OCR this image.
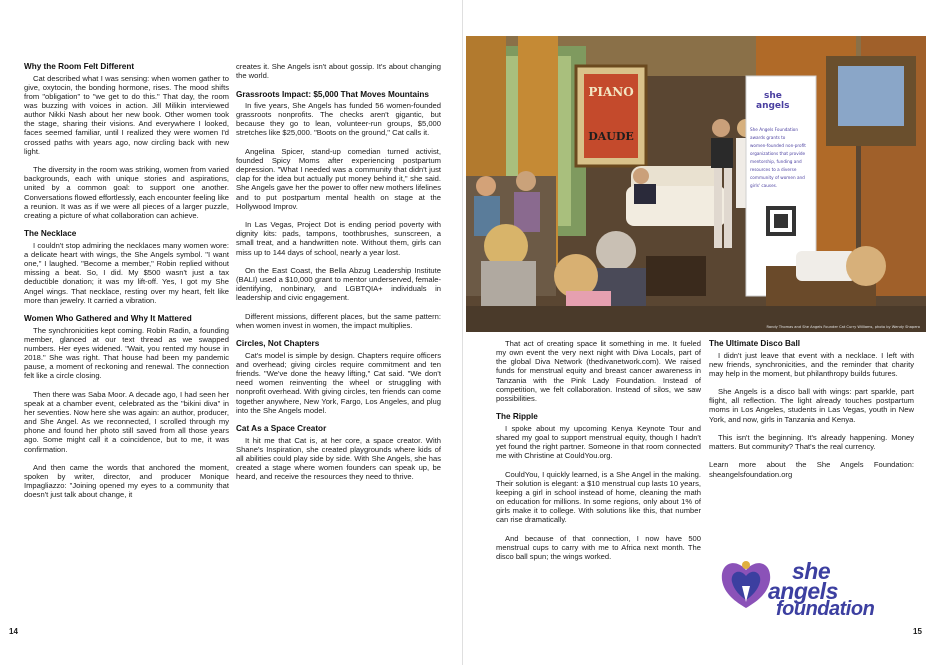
Why the Room Felt Different

Cat described what I was sensing: when women gather to give, oxytocin, the bonding hormone, rises. The mood shifts from "obligation" to "we get to do this." That day, the room was buzzing with voices in action. Jill Milikin interviewed author Nikki Nash about her new book. Other women took the stage, sharing their visions. And everywhere I looked, faces seemed familiar, until I realized they were women I'd crossed paths with years ago, now circling back with new light.

The diversity in the room was striking, women from varied backgrounds, each with unique stories and aspirations, united by a common goal: to support one another. Conversations flowed effortlessly, each encounter feeling like a reunion. It was as if we were all pieces of a larger puzzle, creating a picture of what collaboration can achieve.

The Necklace

I couldn't stop admiring the necklaces many women wore: a delicate heart with wings, the She Angels symbol. "I want one," I laughed. "Become a member," Robin replied without missing a beat. So, I did. My $500 wasn't just a tax deductible donation; it was my lift-off. Yes, I got my She Angel wings. That necklace, resting over my heart, felt like more than jewelry. It carried a vibration.

Women Who Gathered and Why It Mattered

The synchronicities kept coming. Robin Radin, a founding member, glanced at our text thread as we swapped numbers. Her eyes widened. "Wait, you rented my house in 2018." She was right. That house had been my pandemic pause, a moment of reckoning and renewal. The connection felt like a circle closing.

Then there was Saba Moor. A decade ago, I had seen her speak at a chamber event, celebrated as the "bikini diva" in her seventies. Now here she was again: an author, producer, and She Angel. As we reconnected, I scrolled through my phone and found her photo still saved from all those years ago. Some might call it a coincidence, but to me, it was confirmation.

And then came the words that anchored the moment, spoken by writer, director, and producer Monique Impagliazzo: "Joining opened my eyes to a community that doesn't just talk about change, it

creates it. She Angels isn't about gossip. It's about changing the world.

Grassroots Impact: $5,000 That Moves Mountains

In five years, She Angels has funded 56 women-founded grassroots nonprofits. The checks aren't gigantic, but because they go to lean, volunteer-run groups, $5,000 stretches like $25,000. "Boots on the ground," Cat calls it.

Angelina Spicer, stand-up comedian turned activist, founded Spicy Moms after experiencing postpartum depression. "What I needed was a community that didn't just clap for the idea but actually put money behind it," she said. She Angels gave her the power to offer new mothers lifelines and to put postpartum mental health on stage at the Hollywood Improv.

In Las Vegas, Project Dot is ending period poverty with dignity kits: pads, tampons, toothbrushes, sunscreen, a small treat, and a handwritten note. Without them, girls can miss up to 144 days of school, nearly a year lost.

On the East Coast, the Bella Abzug Leadership Institute (BALI) used a $10,000 grant to mentor underserved, female-identifying, nonbinary, and LGBTQIA+ individuals in leadership and civic engagement.

Different missions, different places, but the same pattern: when women invest in women, the impact multiplies.

Circles, Not Chapters

Cat's model is simple by design. Chapters require officers and overhead; giving circles require commitment and ten friends. "We've done the heavy lifting," Cat said. "We don't need women reinventing the wheel or struggling with nonprofit overhead. With giving circles, ten friends can come together anywhere, New York, Fargo, Los Angeles, and plug into the She Angels model.

Cat As a Space Creator

It hit me that Cat is, at her core, a space creator. With Shane's Inspiration, she created playgrounds where kids of all abilities could play side by side. With She Angels, she has created a stage where women founders can speak up, be heard, and receive the resources they need to thrive.

14	15
PIANO
DAUDE
she
angels
She Angels Foundation
awards grants to
women-founded non-profit
organizations that provide
mentorship, funding and
resources to a diverse
community of women and
girls' causes.
Randy Thomas and She Angels Founder Cat Curry Williams, photo by Wendy Shapero

That act of creating space lit something in me. It fueled my own event the very next night with Diva Locals, part of the global Diva Network (thedivanetwork.com). We raised funds for menstrual equity and breast cancer awareness in Tanzania with the Pink Lady Foundation. Instead of competition, we felt collaboration. Instead of silos, we saw possibilities.

The Ripple

I spoke about my upcoming Kenya Keynote Tour and shared my goal to support menstrual equity, though I hadn't yet found the right partner. Someone in that room connected me with Christine at CouldYou.org.

CouldYou, I quickly learned, is a She Angel in the making. Their solution is elegant: a $10 menstrual cup lasts 10 years, keeping a girl in school instead of home, cleaning the math on education for millions. In some regions, only about 1% of girls make it to college. With solutions like this, that number can rise dramatically.

And because of that connection, I now have 500 menstrual cups to carry with me to Africa next month. The disco ball spun; the wings worked.

The Ultimate Disco Ball

I didn't just leave that event with a necklace. I left with new friends, synchronicities, and the reminder that charity may help in the moment, but philanthropy builds futures.

She Angels is a disco ball with wings: part sparkle, part flight, all reflection. The light already touches postpartum moms in Los Angeles, students in Las Vegas, youth in New York, and now, girls in Tanzania and Kenya.

This isn't the beginning. It's already happening. Money matters. But community? That's the real currency.

Learn more about the She Angels Foundation: sheangelsfoundation.org

she
angels
foundation
